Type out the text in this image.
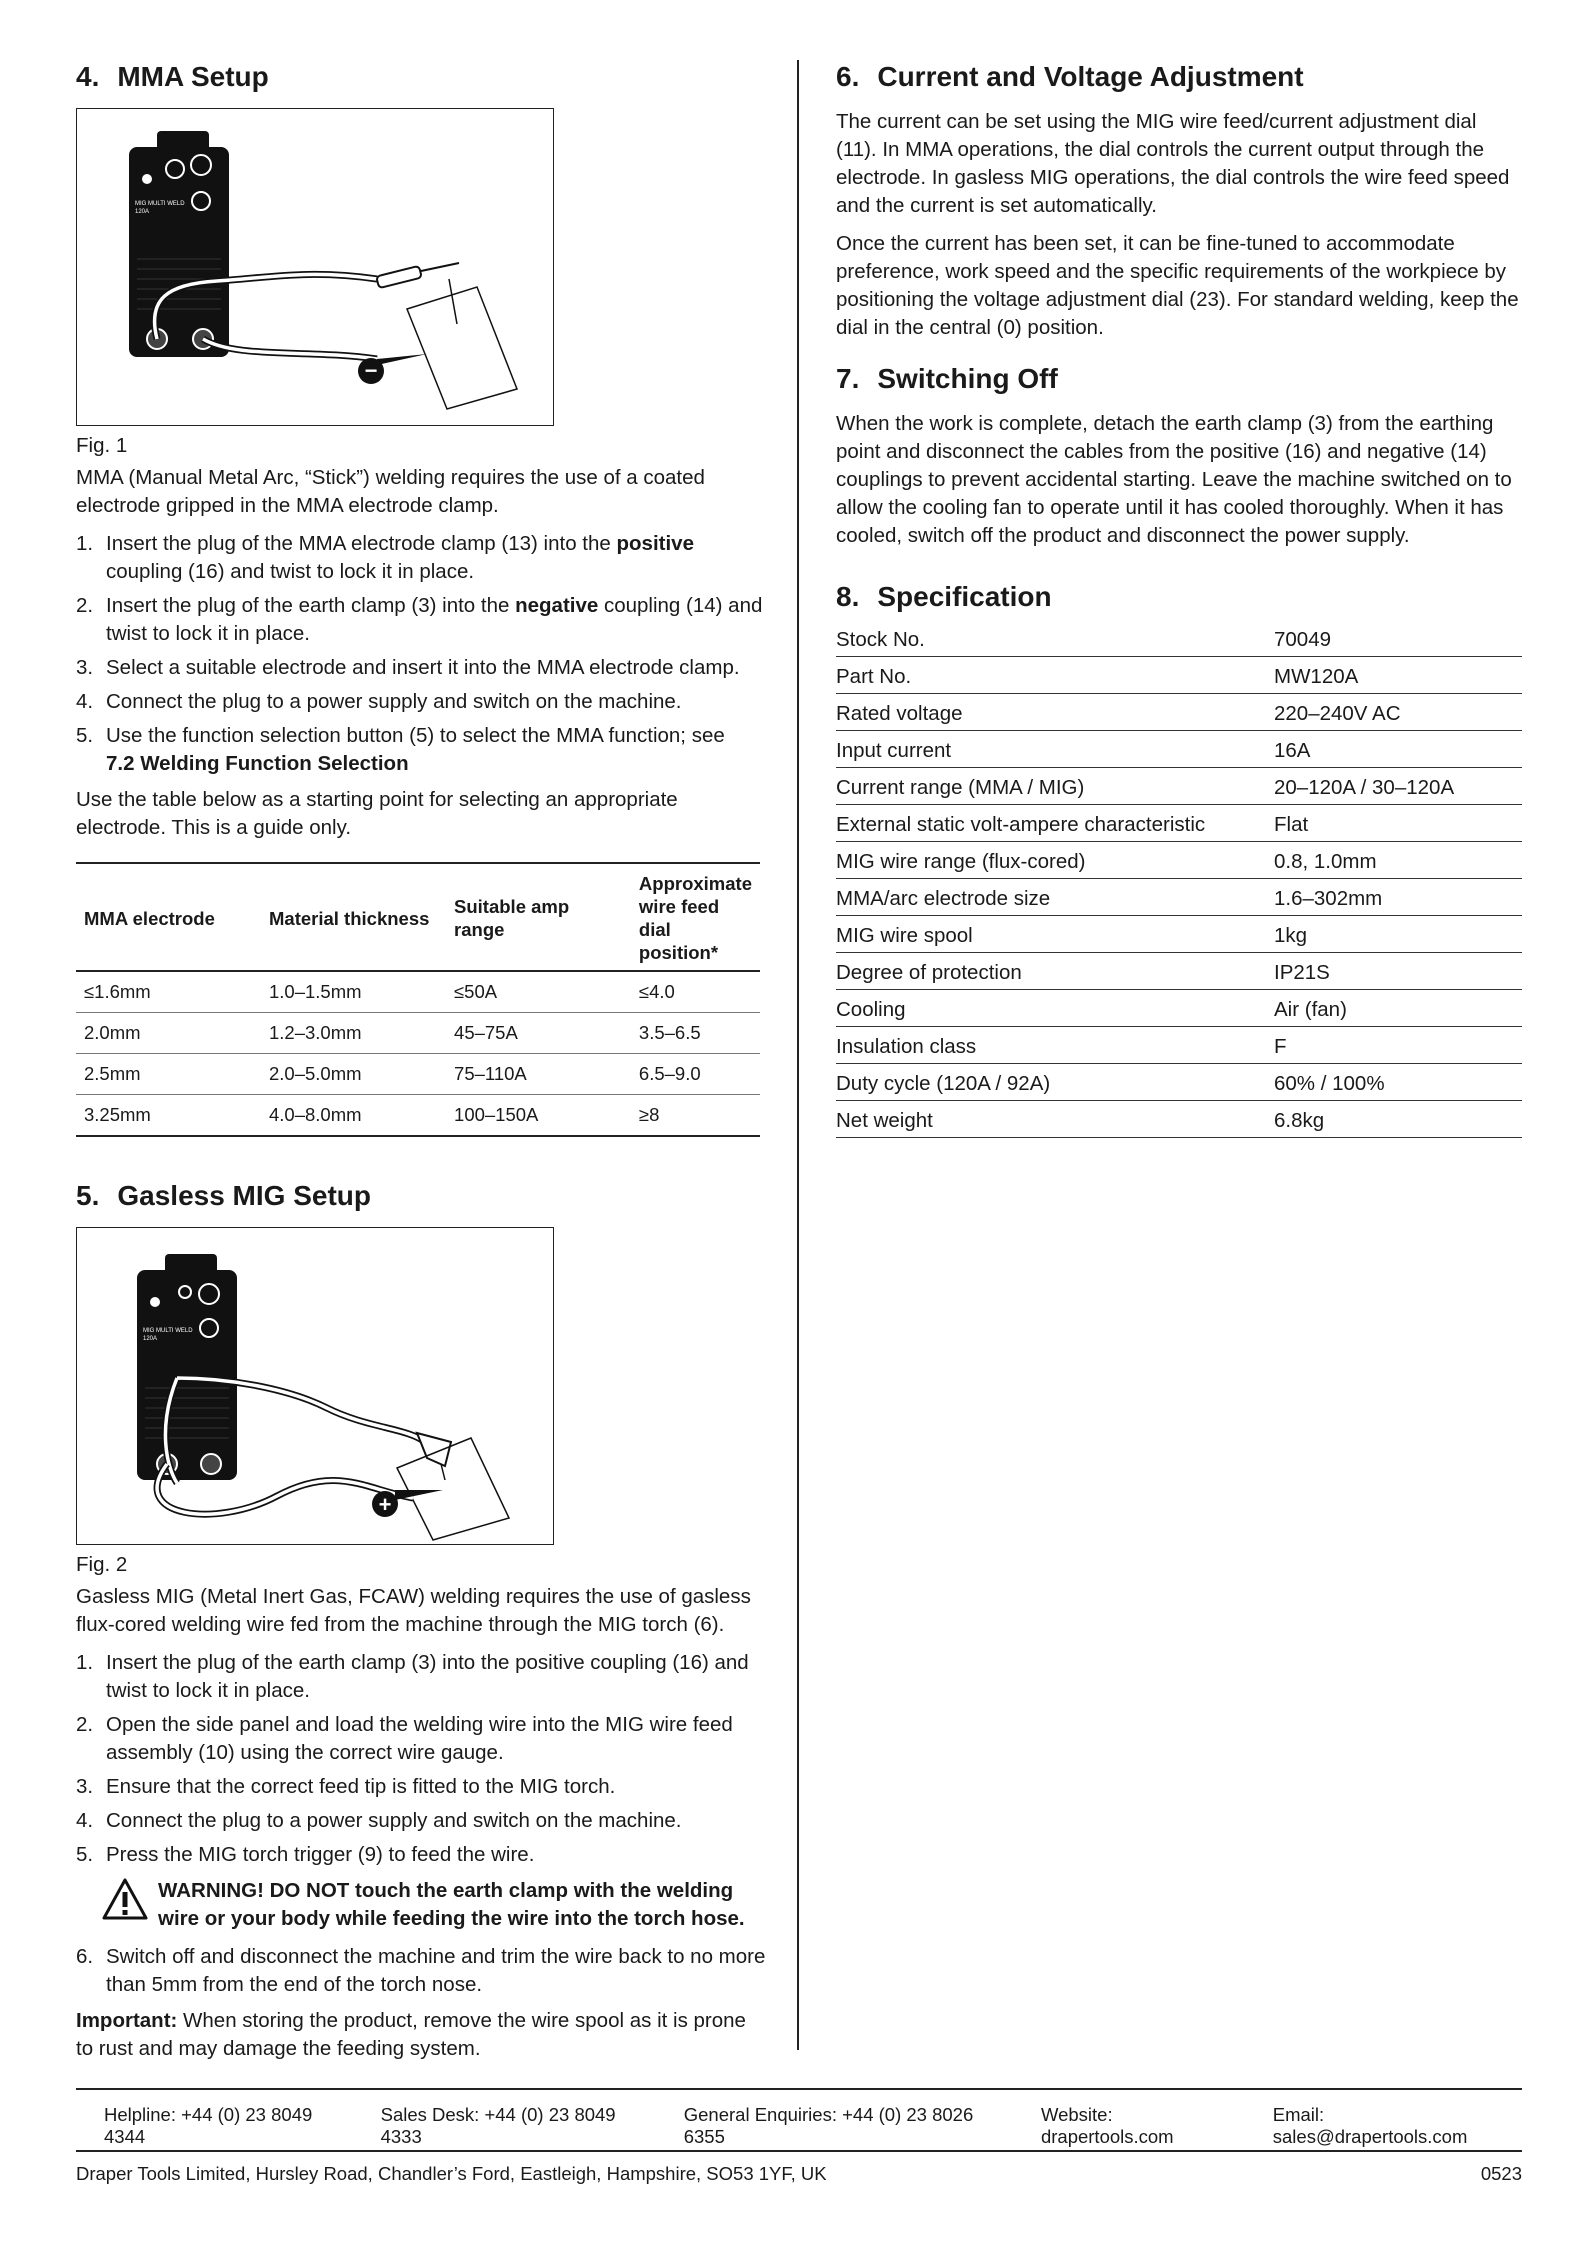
4. MMA Setup
MIG MULTI WELD
120A
−

Fig. 1

MMA (Manual Metal Arc, “Stick”) welding requires the use of a coated electrode gripped in the MMA electrode clamp.

1. Insert the plug of the MMA electrode clamp (13) into the positive coupling (16) and twist to lock it in place.
2. Insert the plug of the earth clamp (3) into the negative coupling (14) and twist to lock it in place.
3. Select a suitable electrode and insert it into the MMA electrode clamp.
4. Connect the plug to a power supply and switch on the machine.
5. Use the function selection button (5) to select the MMA function; see
7.2 Welding Function Selection

Use the table below as a starting point for selecting an appropriate electrode. This is a guide only.

MMA electrode	Material thickness	Suitable amp range	Approximate wire feed dial position*
≤1.6mm	1.0–1.5mm	≤50A	≤4.0
2.0mm	1.2–3.0mm	45–75A	3.5–6.5
2.5mm	2.0–5.0mm	75–110A	6.5–9.0
3.25mm	4.0–8.0mm	100–150A	≥8
5. Gasless MIG Setup
MIG MULTI WELD
120A
+

Fig. 2

Gasless MIG (Metal Inert Gas, FCAW) welding requires the use of gasless flux-cored welding wire fed from the machine through the MIG torch (6).

1. Insert the plug of the earth clamp (3) into the positive coupling (16) and twist to lock it in place.
2. Open the side panel and load the welding wire into the MIG wire feed assembly (10) using the correct wire gauge.
3. Ensure that the correct feed tip is fitted to the MIG torch.
4. Connect the plug to a power supply and switch on the machine.
5. Press the MIG torch trigger (9) to feed the wire.
WARNING! DO NOT touch the earth clamp with the welding wire or your body while feeding the wire into the torch hose.
6. Switch off and disconnect the machine and trim the wire back to no more than 5mm from the end of the torch nose.

Important: When storing the product, remove the wire spool as it is prone to rust and may damage the feeding system.

6. Current and Voltage Adjustment

The current can be set using the MIG wire feed/current adjustment dial (11). In MMA operations, the dial controls the current output through the electrode. In gasless MIG operations, the dial controls the wire feed speed and the current is set automatically.

Once the current has been set, it can be fine-tuned to accommodate preference, work speed and the specific requirements of the workpiece by positioning the voltage adjustment dial (23). For standard welding, keep the dial in the central (0) position.

7. Switching Off

When the work is complete, detach the earth clamp (3) from the earthing point and disconnect the cables from the positive (16) and negative (14) couplings to prevent accidental starting. Leave the machine switched on to allow the cooling fan to operate until it has cooled thoroughly. When it has cooled, switch off the product and disconnect the power supply.

8. Specification
Stock No.	70049
Part No.	MW120A
Rated voltage	220–240V AC
Input current	16A
Current range (MMA / MIG)	20–120A / 30–120A
External static volt-ampere characteristic	Flat
MIG wire range (flux-cored)	0.8, 1.0mm
MMA/arc electrode size	1.6–302mm
MIG wire spool	1kg
Degree of protection	IP21S
Cooling	Air (fan)
Insulation class	F
Duty cycle (120A / 92A)	60% / 100%
Net weight	6.8kg
Helpline: +44 (0) 23 8049 4344
Sales Desk: +44 (0) 23 8049 4333
General Enquiries: +44 (0) 23 8026 6355
Website: drapertools.com
Email: sales@drapertools.com
Draper Tools Limited, Hursley Road, Chandler’s Ford, Eastleigh, Hampshire, SO53 1YF, UK	0523
